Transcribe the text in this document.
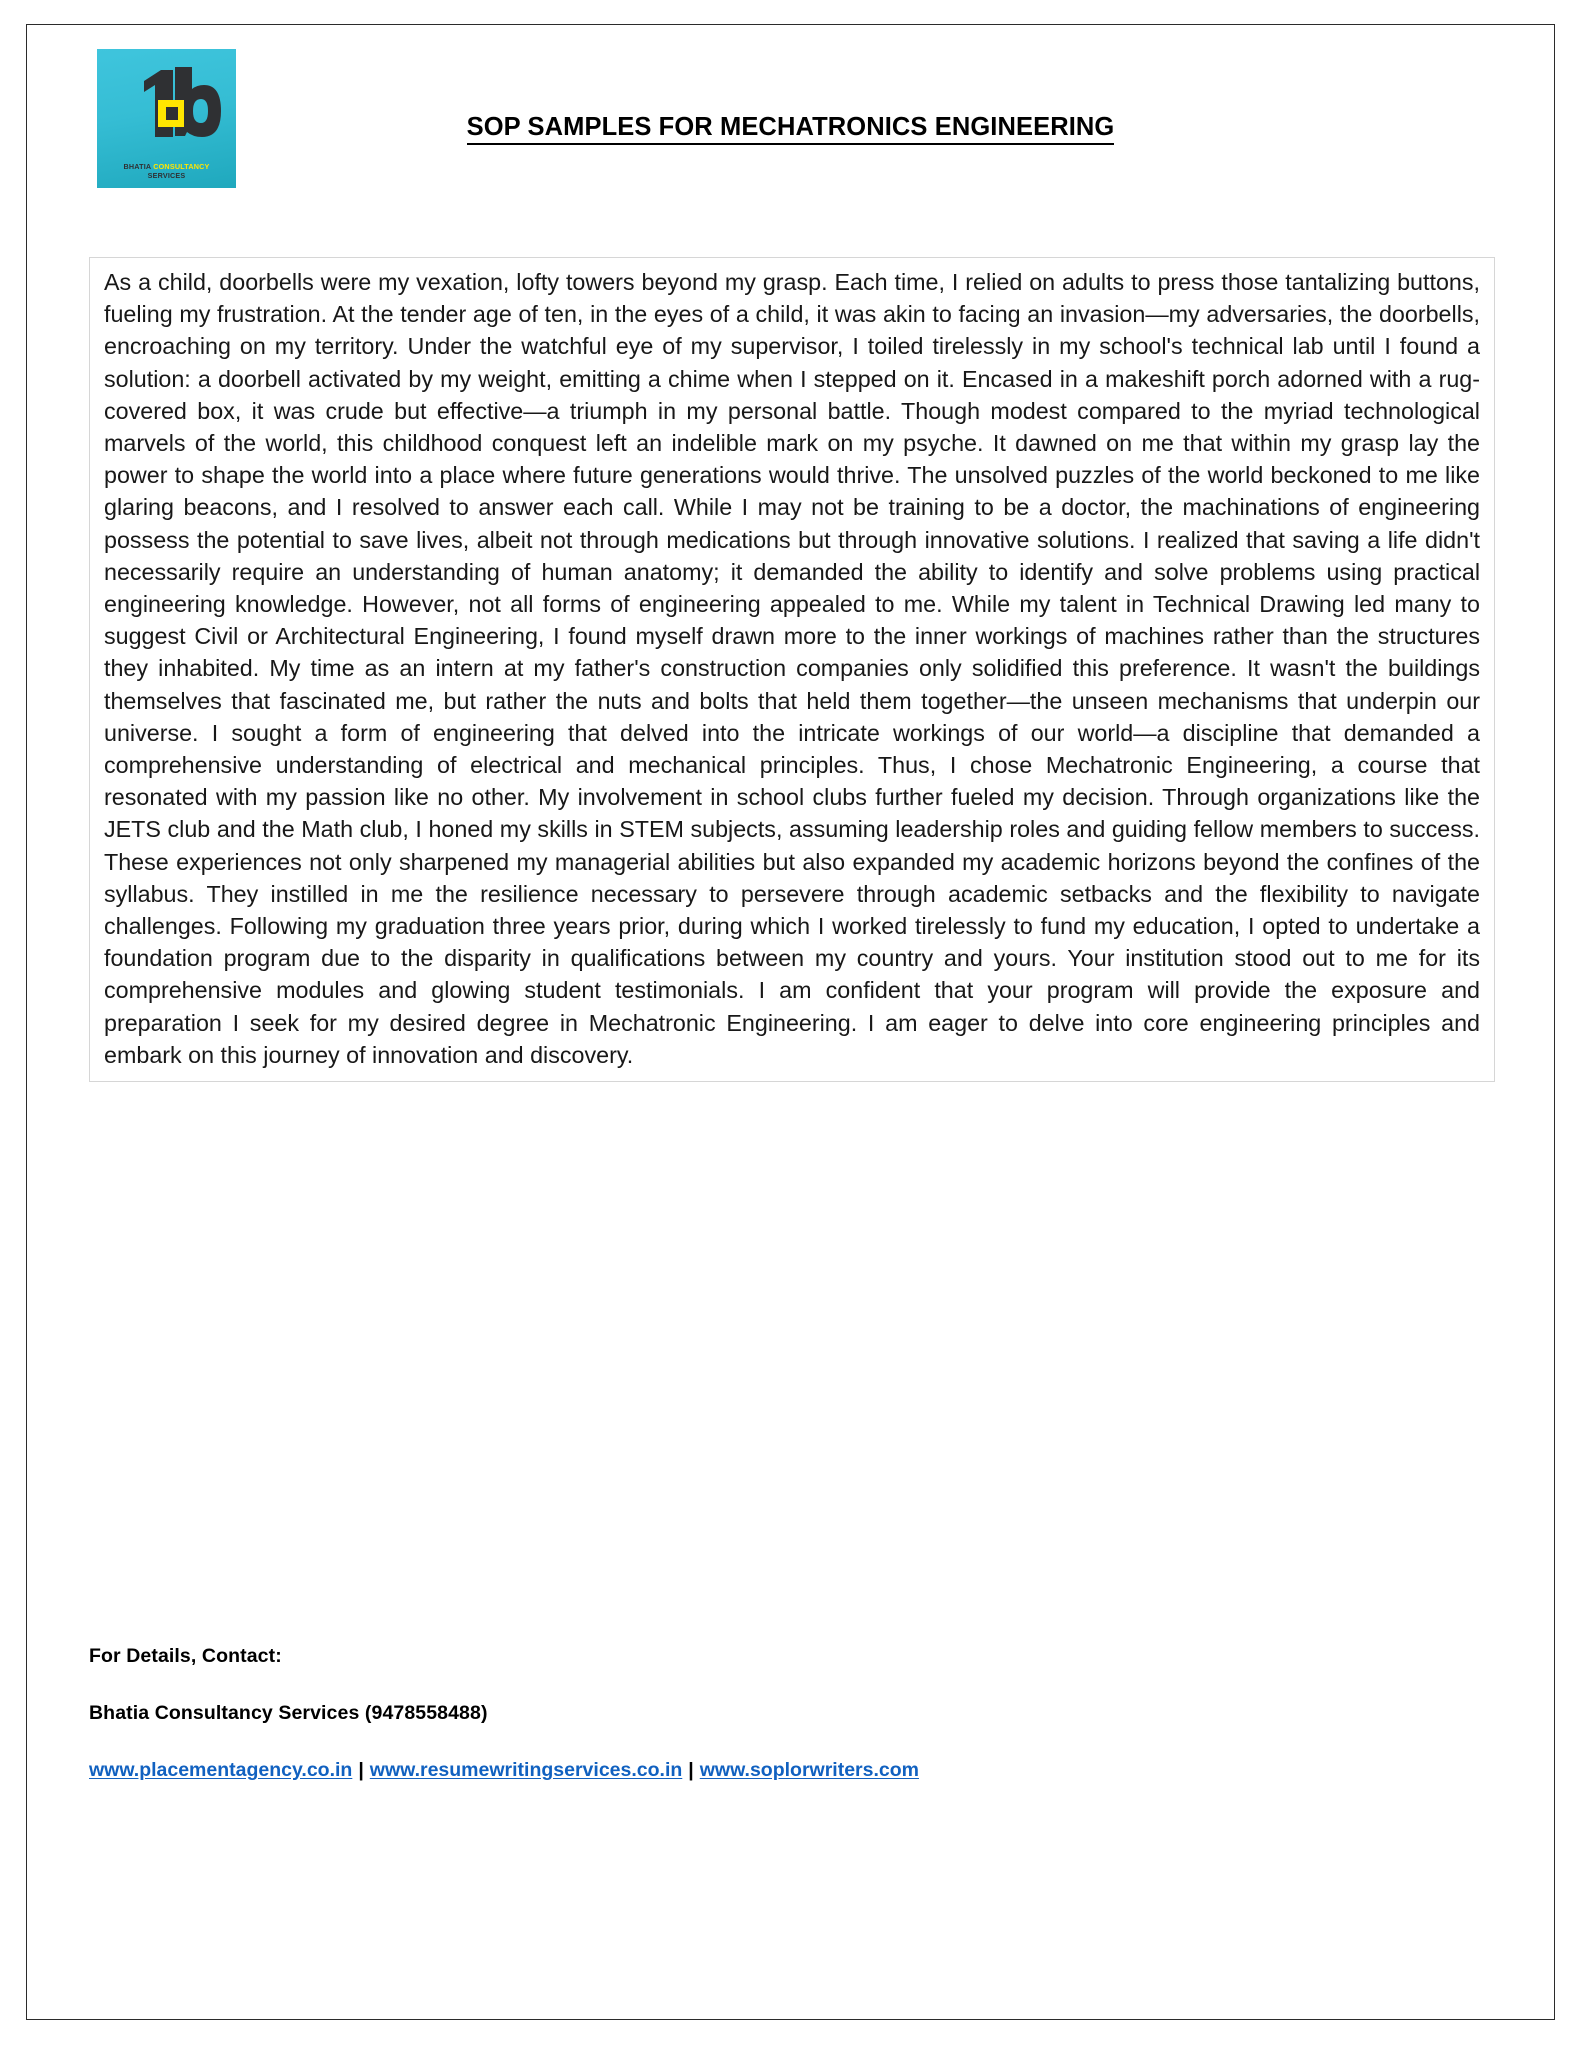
BHATIA CONSULTANCY
SERVICES
SOP SAMPLES FOR MECHATRONICS ENGINEERING

As a child, doorbells were my vexation, lofty towers beyond my grasp. Each time, I relied on adults to press those tantalizing buttons, fueling my frustration. At the tender age of ten, in the eyes of a child, it was akin to facing an invasion—my adversaries, the doorbells, encroaching on my territory. Under the watchful eye of my supervisor, I toiled tirelessly in my school's technical lab until I found a solution: a doorbell activated by my weight, emitting a chime when I stepped on it. Encased in a makeshift porch adorned with a rug-covered box, it was crude but effective—a triumph in my personal battle. Though modest compared to the myriad technological marvels of the world, this childhood conquest left an indelible mark on my psyche. It dawned on me that within my grasp lay the power to shape the world into a place where future generations would thrive. The unsolved puzzles of the world beckoned to me like glaring beacons, and I resolved to answer each call. While I may not be training to be a doctor, the machinations of engineering possess the potential to save lives, albeit not through medications but through innovative solutions. I realized that saving a life didn't necessarily require an understanding of human anatomy; it demanded the ability to identify and solve problems using practical engineering knowledge. However, not all forms of engineering appealed to me. While my talent in Technical Drawing led many to suggest Civil or Architectural Engineering, I found myself drawn more to the inner workings of machines rather than the structures they inhabited. My time as an intern at my father's construction companies only solidified this preference. It wasn't the buildings themselves that fascinated me, but rather the nuts and bolts that held them together—the unseen mechanisms that underpin our universe. I sought a form of engineering that delved into the intricate workings of our world—a discipline that demanded a comprehensive understanding of electrical and mechanical principles. Thus, I chose Mechatronic Engineering, a course that resonated with my passion like no other. My involvement in school clubs further fueled my decision. Through organizations like the JETS club and the Math club, I honed my skills in STEM subjects, assuming leadership roles and guiding fellow members to success. These experiences not only sharpened my managerial abilities but also expanded my academic horizons beyond the confines of the syllabus. They instilled in me the resilience necessary to persevere through academic setbacks and the flexibility to navigate challenges. Following my graduation three years prior, during which I worked tirelessly to fund my education, I opted to undertake a foundation program due to the disparity in qualifications between my country and yours. Your institution stood out to me for its comprehensive modules and glowing student testimonials. I am confident that your program will provide the exposure and preparation I seek for my desired degree in Mechatronic Engineering. I am eager to delve into core engineering principles and embark on this journey of innovation and discovery.

For Details, Contact:

Bhatia Consultancy Services (9478558488)

www.placementagency.co.in | www.resumewritingservices.co.in | www.soplorwriters.com
